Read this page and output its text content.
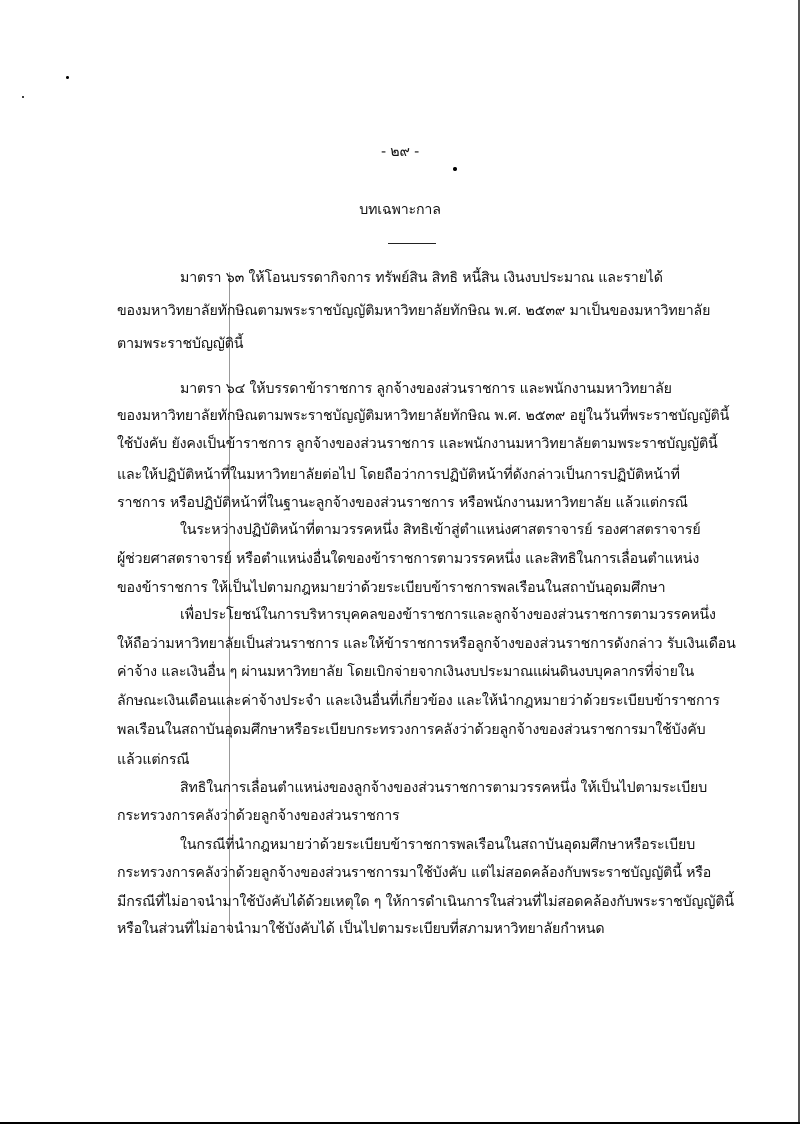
- ๒๙ -
บทเฉพาะกาล
มาตรา ๖๓ ให้โอนบรรดากิจการ ทรัพย์สิน สิทธิ หนี้สิน เงินงบประมาณ และรายได้
ของมหาวิทยาลัยทักษิณตามพระราชบัญญัติมหาวิทยาลัยทักษิณ พ.ศ. ๒๕๓๙ มาเป็นของมหาวิทยาลัย
ตามพระราชบัญญัตินี้
มาตรา ๖๔ ให้บรรดาข้าราชการ ลูกจ้างของส่วนราชการ และพนักงานมหาวิทยาลัย
ของมหาวิทยาลัยทักษิณตามพระราชบัญญัติมหาวิทยาลัยทักษิณ พ.ศ. ๒๕๓๙ อยู่ในวันที่พระราชบัญญัตินี้
ใช้บังคับ ยังคงเป็นข้าราชการ ลูกจ้างของส่วนราชการ และพนักงานมหาวิทยาลัยตามพระราชบัญญัตินี้
และให้ปฏิบัติหน้าที่ในมหาวิทยาลัยต่อไป โดยถือว่าการปฏิบัติหน้าที่ดังกล่าวเป็นการปฏิบัติหน้าที่
ราชการ หรือปฏิบัติหน้าที่ในฐานะลูกจ้างของส่วนราชการ หรือพนักงานมหาวิทยาลัย แล้วแต่กรณี
ในระหว่างปฏิบัติหน้าที่ตามวรรคหนึ่ง สิทธิเข้าสู่ตำแหน่งศาสตราจารย์ รองศาสตราจารย์
ผู้ช่วยศาสตราจารย์ หรือตำแหน่งอื่นใดของข้าราชการตามวรรคหนึ่ง และสิทธิในการเลื่อนตำแหน่ง
ของข้าราชการ ให้เป็นไปตามกฎหมายว่าด้วยระเบียบข้าราชการพลเรือนในสถาบันอุดมศึกษา
เพื่อประโยชน์ในการบริหารบุคคลของข้าราชการและลูกจ้างของส่วนราชการตามวรรคหนึ่ง
ให้ถือว่ามหาวิทยาลัยเป็นส่วนราชการ และให้ข้าราชการหรือลูกจ้างของส่วนราชการดังกล่าว รับเงินเดือน
ค่าจ้าง และเงินอื่น ๆ ผ่านมหาวิทยาลัย โดยเบิกจ่ายจากเงินงบประมาณแผ่นดินงบบุคลากรที่จ่ายใน
ลักษณะเงินเดือนและค่าจ้างประจำ และเงินอื่นที่เกี่ยวข้อง และให้นำกฎหมายว่าด้วยระเบียบข้าราชการ
พลเรือนในสถาบันอุดมศึกษาหรือระเบียบกระทรวงการคลังว่าด้วยลูกจ้างของส่วนราชการมาใช้บังคับ
แล้วแต่กรณี
สิทธิในการเลื่อนตำแหน่งของลูกจ้างของส่วนราชการตามวรรคหนึ่ง ให้เป็นไปตามระเบียบ
กระทรวงการคลังว่าด้วยลูกจ้างของส่วนราชการ
ในกรณีที่นำกฎหมายว่าด้วยระเบียบข้าราชการพลเรือนในสถาบันอุดมศึกษาหรือระเบียบ
กระทรวงการคลังว่าด้วยลูกจ้างของส่วนราชการมาใช้บังคับ แต่ไม่สอดคล้องกับพระราชบัญญัตินี้ หรือ
มีกรณีที่ไม่อาจนำมาใช้บังคับได้ด้วยเหตุใด ๆ ให้การดำเนินการในส่วนที่ไม่สอดคล้องกับพระราชบัญญัตินี้
หรือในส่วนที่ไม่อาจนำมาใช้บังคับได้ เป็นไปตามระเบียบที่สภามหาวิทยาลัยกำหนด
